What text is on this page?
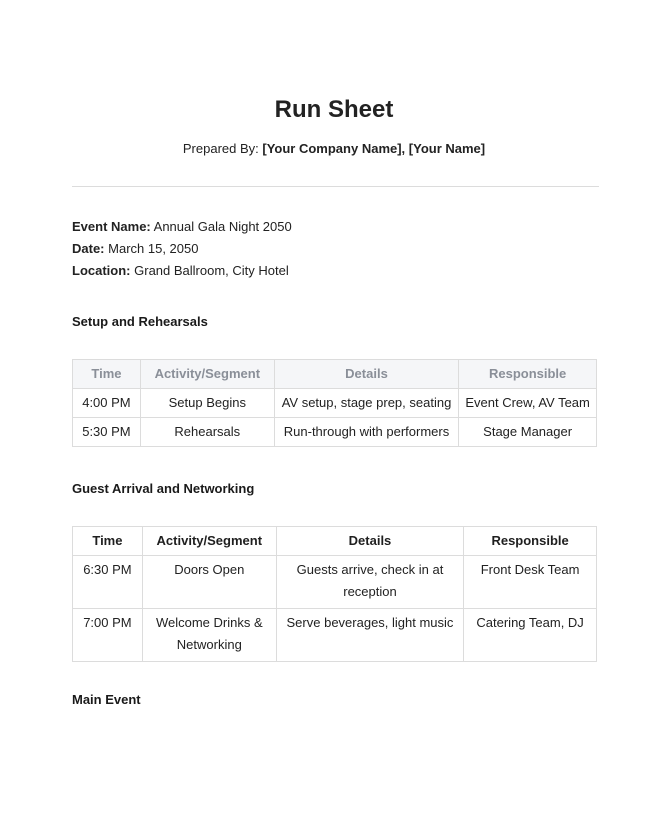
Run Sheet
Prepared By: [Your Company Name], [Your Name]
Event Name: Annual Gala Night 2050
Date: March 15, 2050
Location: Grand Ballroom, City Hotel
Setup and Rehearsals
Time	Activity/Segment	Details	Responsible
4:00 PM	Setup Begins	AV setup, stage prep, seating	Event Crew, AV Team
5:30 PM	Rehearsals	Run-through with performers	Stage Manager
Guest Arrival and Networking
Time	Activity/Segment	Details	Responsible
6:30 PM	Doors Open	Guests arrive, check in at reception	Front Desk Team
7:00 PM	Welcome Drinks & Networking	Serve beverages, light music	Catering Team, DJ
Main Event
